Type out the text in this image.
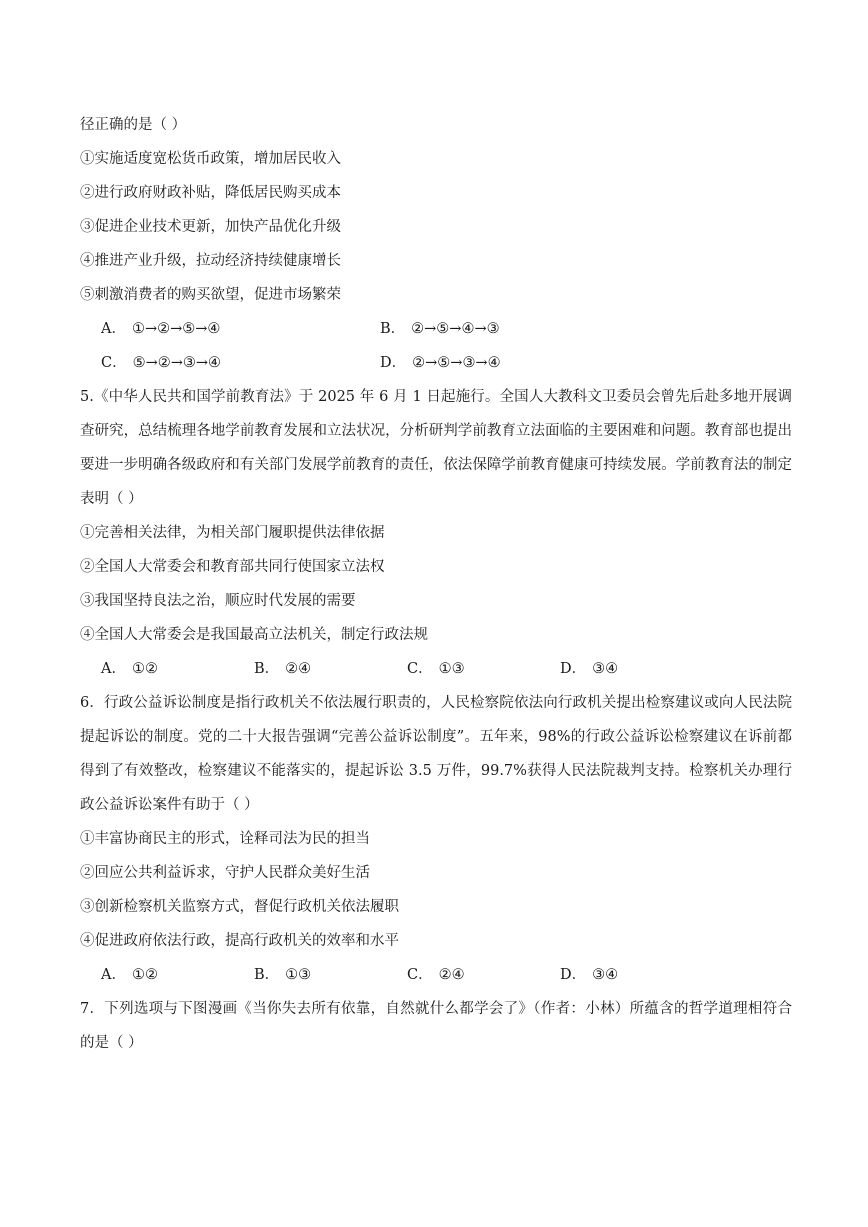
径正确的是（ ）
①实施适度宽松货币政策，增加居民收入
②进行政府财政补贴，降低居民购买成本
③促进企业技术更新，加快产品优化升级
④推进产业升级，拉动经济持续健康增长
⑤刺激消费者的购买欲望，促进市场繁荣
A． ①→②→⑤→④	B． ②→⑤→④→③
C． ⑤→②→③→④	D． ②→⑤→③→④
5.《中华人民共和国学前教育法》于 2025 年 6 月 1 日起施行。全国人大教科文卫委员会曾先后赴多地开展调查研究，总结梳理各地学前教育发展和立法状况，分析研判学前教育立法面临的主要困难和问题。教育部也提出要进一步明确各级政府和有关部门发展学前教育的责任，依法保障学前教育健康可持续发展。学前教育法的制定表明（ ）
①完善相关法律，为相关部门履职提供法律依据
②全国人大常委会和教育部共同行使国家立法权
③我国坚持良法之治，顺应时代发展的需要
④全国人大常委会是我国最高立法机关，制定行政法规
A． ①②	B． ②④	C． ①③	D． ③④
6．行政公益诉讼制度是指行政机关不依法履行职责的，人民检察院依法向行政机关提出检察建议或向人民法院提起诉讼的制度。党的二十大报告强调“完善公益诉讼制度”。五年来，98%的行政公益诉讼检察建议在诉前都得到了有效整改，检察建议不能落实的，提起诉讼 3.5 万件，99.7%获得人民法院裁判支持。检察机关办理行政公益诉讼案件有助于（ ）
①丰富协商民主的形式，诠释司法为民的担当
②回应公共利益诉求，守护人民群众美好生活
③创新检察机关监察方式，督促行政机关依法履职
④促进政府依法行政，提高行政机关的效率和水平
A． ①②	B． ①③	C． ②④	D． ③④
7．下列选项与下图漫画《当你失去所有依靠，自然就什么都学会了》（作者：小林）所蕴含的哲学道理相符合的是（ ）
